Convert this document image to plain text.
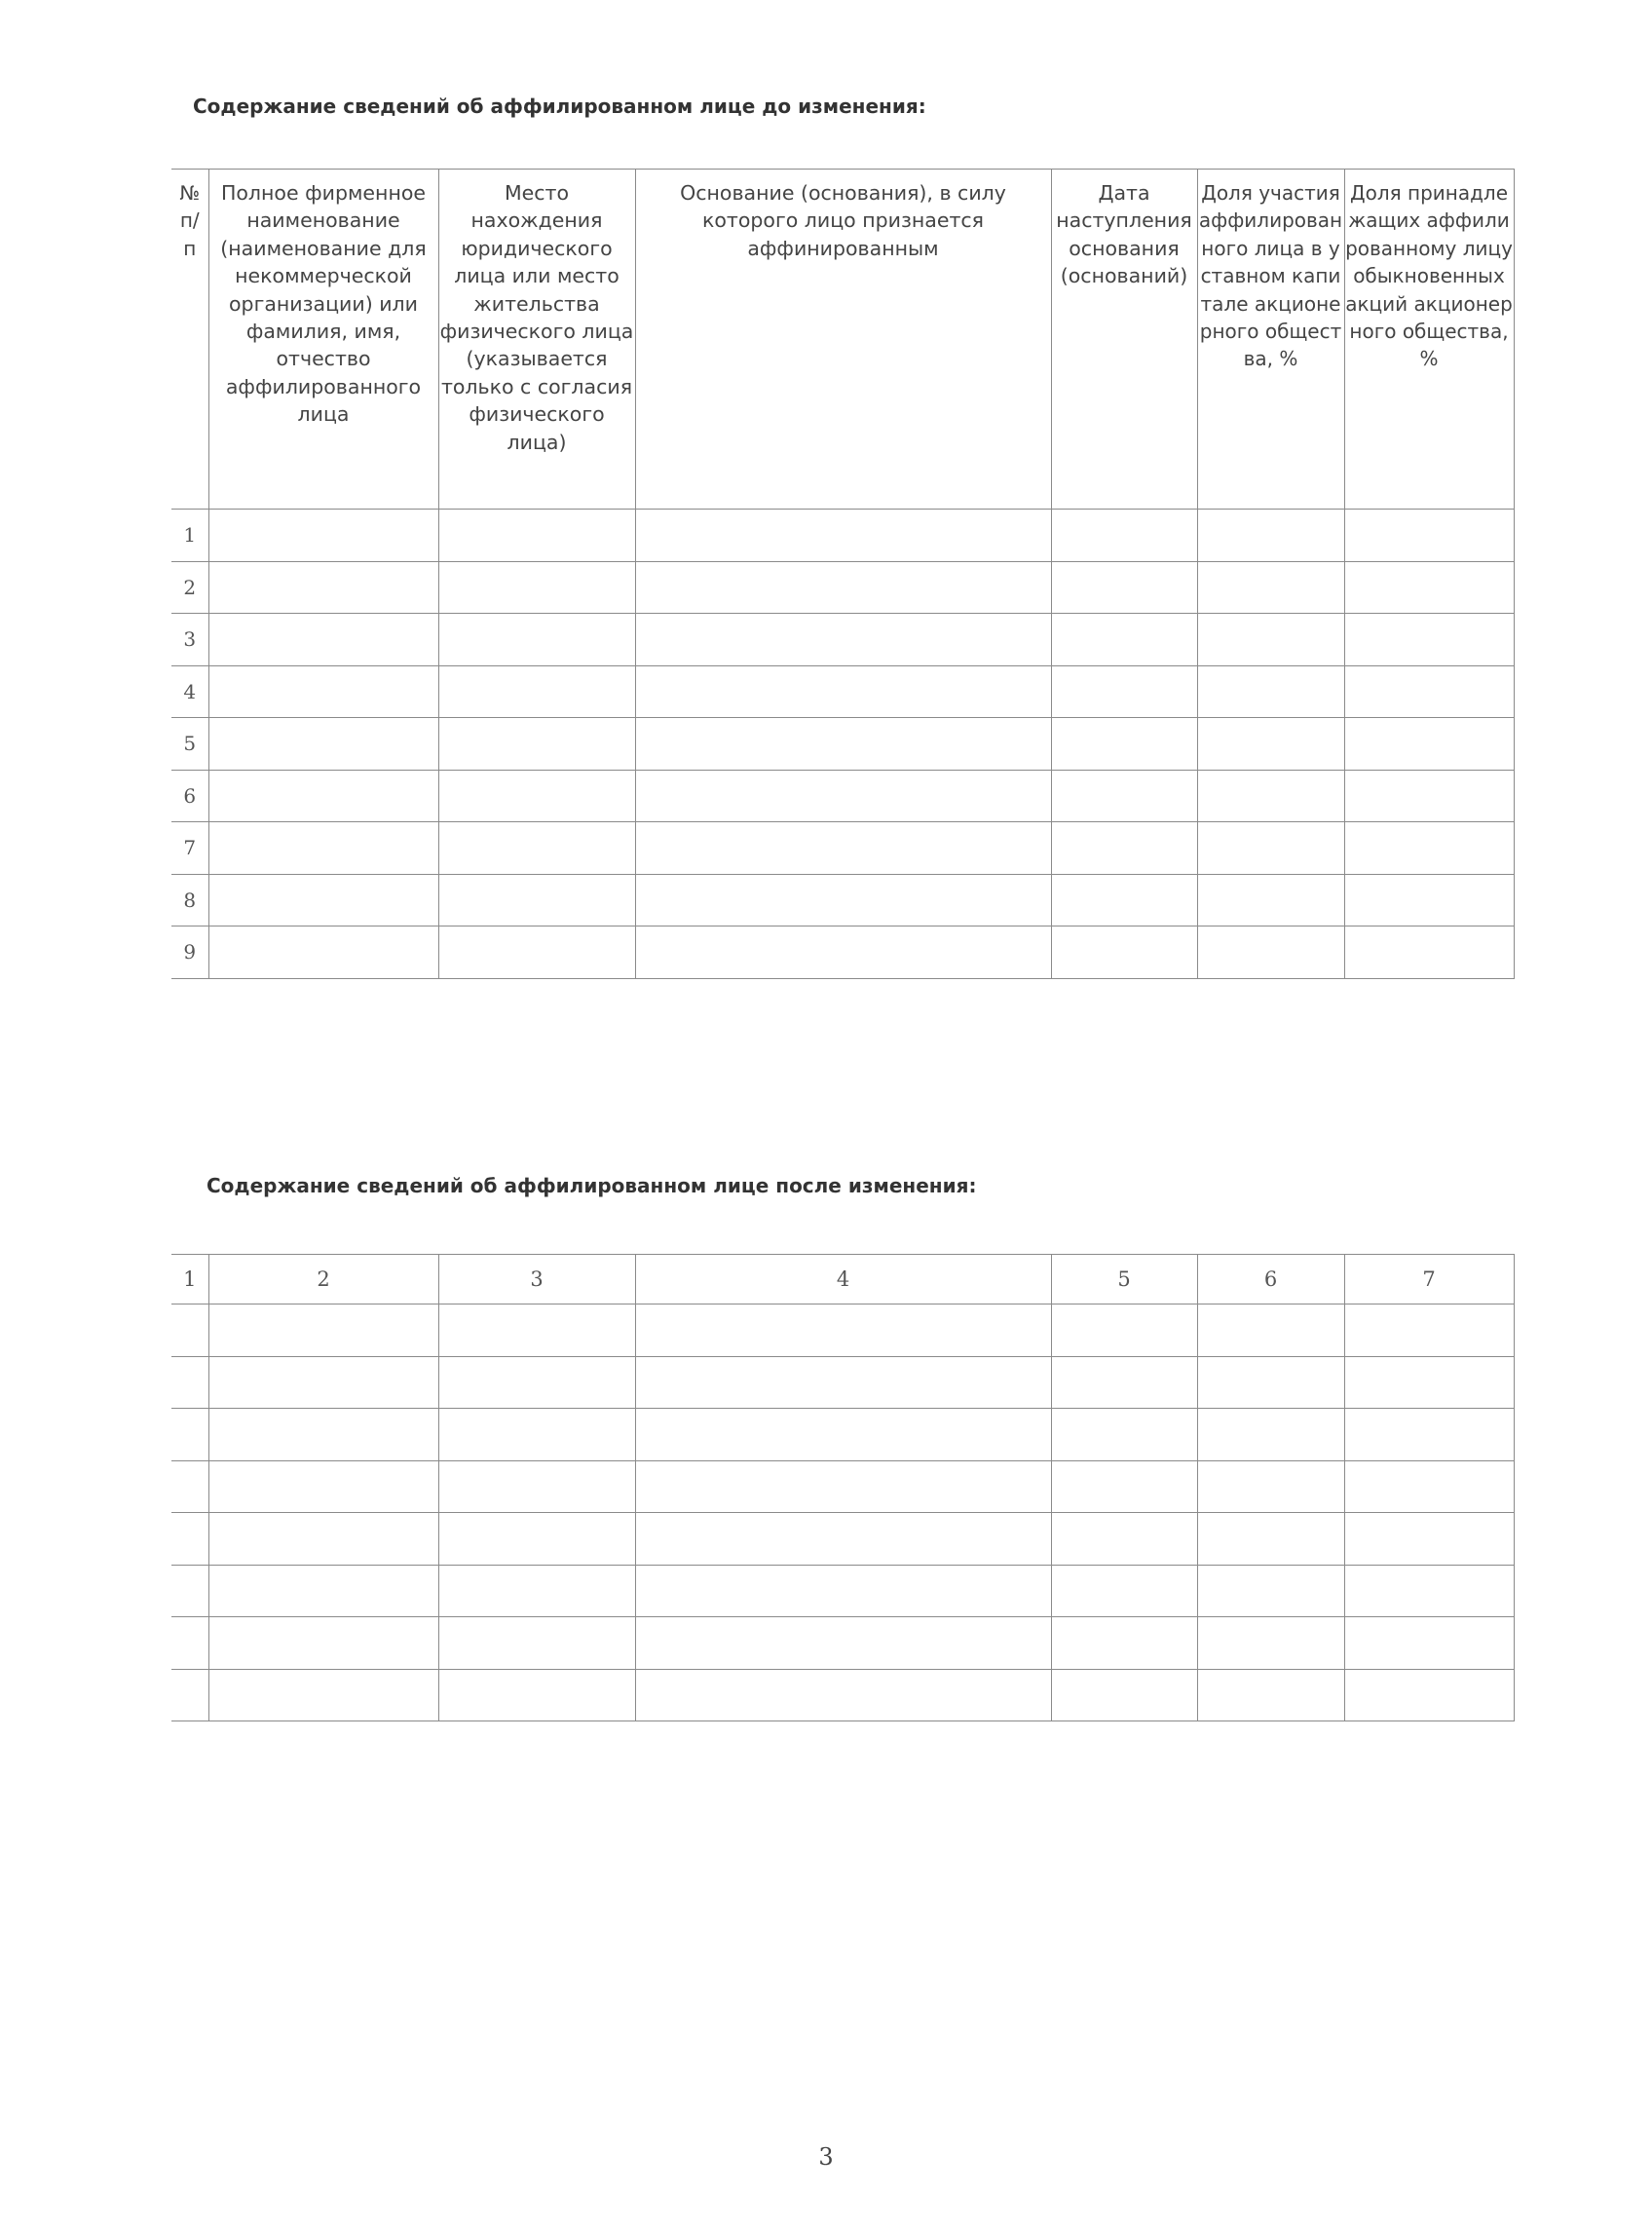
Содержание сведений об аффилированном лице до изменения:
№ п/ п	Полное фирменное наименование (наименование для некоммерческой организации) или фамилия, имя, отчество аффилированного лица	Место нахождения юридического лица или место жительства физического лица (указывается только с согласия физического лица)	Основание (основания), в силу которого лицо признается аффинированным	Дата наступления основания (оснований)	Доля участия аффилированного лица в уставном капитале акционерного общества, %	Доля принадлежащих аффилированному лицу обыкновенных акций акционерного общества, %

1						
2						
3						
4						
5						
6						
7						
8						
9						
Содержание сведений об аффилированном лице после изменения:
1	2	3	4	5	6	7

3
